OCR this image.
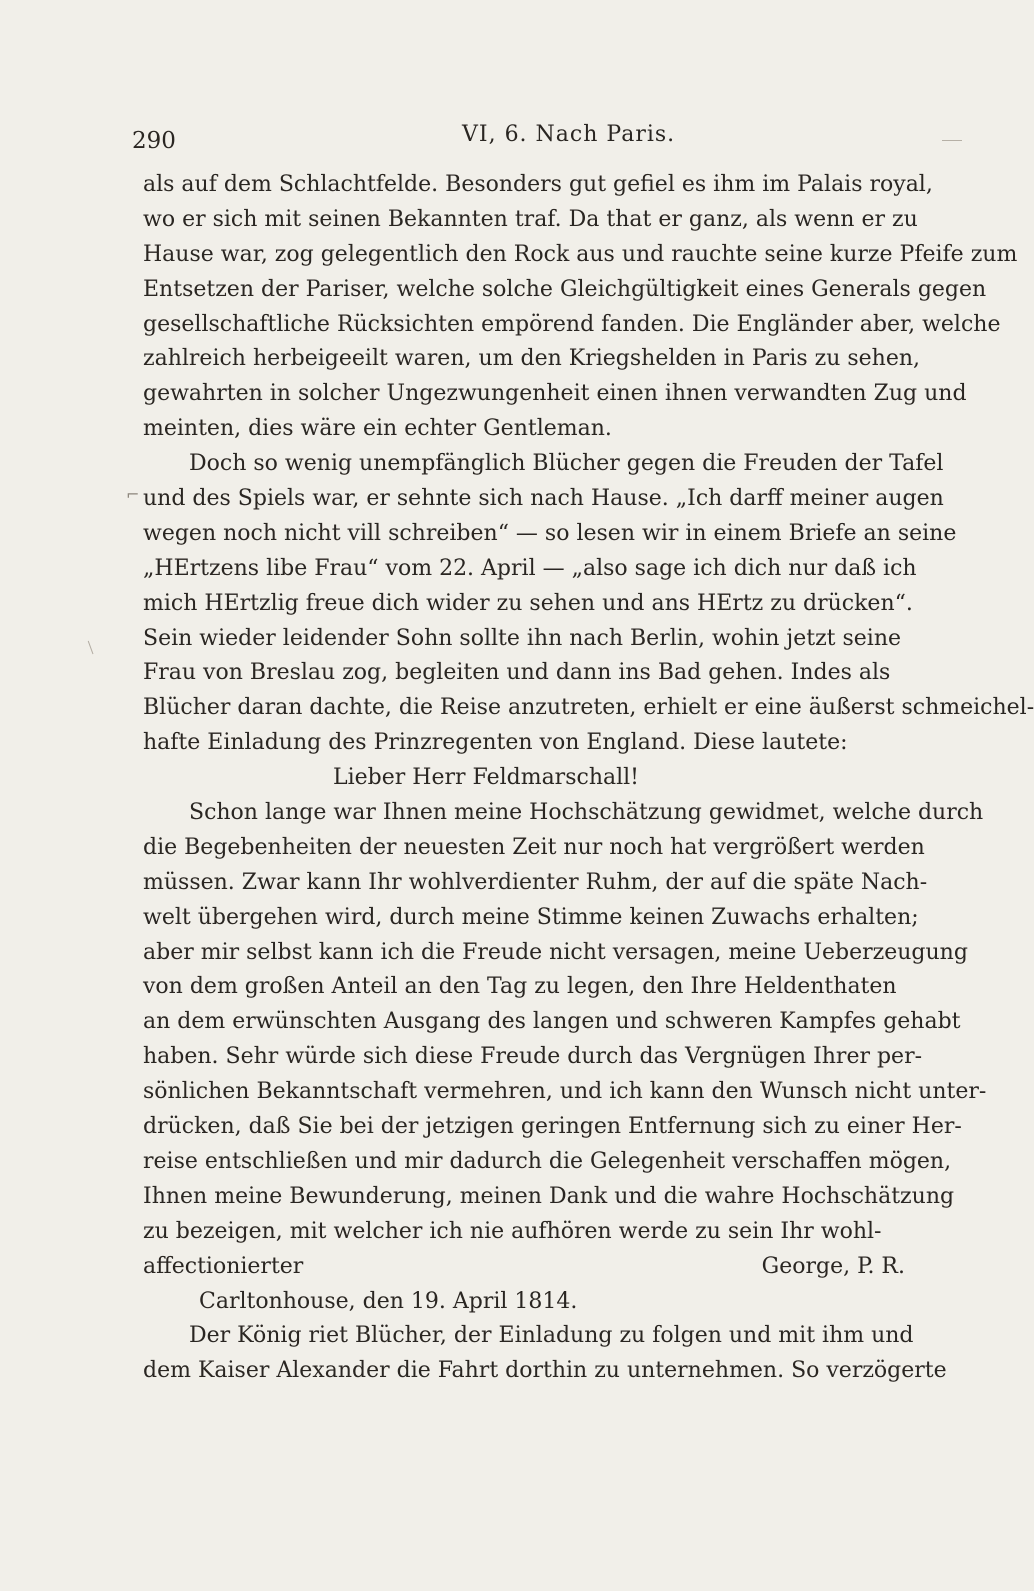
290	VI, 6. Nach Paris.
⌐
als auf dem Schlachtfelde. Besonders gut gefiel es ihm im Palais royal,
wo er sich mit seinen Bekannten traf. Da that er ganz, als wenn er zu
Hause war, zog gelegentlich den Rock aus und rauchte seine kurze Pfeife zum
Entsetzen der Pariser, welche solche Gleichgültigkeit eines Generals gegen
gesellschaftliche Rücksichten empörend fanden. Die Engländer aber, welche
zahlreich herbeigeeilt waren, um den Kriegshelden in Paris zu sehen,
gewahrten in solcher Ungezwungenheit einen ihnen verwandten Zug und
meinten, dies wäre ein echter Gentleman.
Doch so wenig unempfänglich Blücher gegen die Freuden der Tafel
und des Spiels war, er sehnte sich nach Hause. „Ich darff meiner augen
wegen noch nicht vill schreiben“ — so lesen wir in einem Briefe an seine
„HErtzens libe Frau“ vom 22. April — „also sage ich dich nur daß ich
mich HErtzlig freue dich wider zu sehen und ans HErtz zu drücken“.
Sein wieder leidender Sohn sollte ihn nach Berlin, wohin jetzt seine
Frau von Breslau zog, begleiten und dann ins Bad gehen. Indes als
Blücher daran dachte, die Reise anzutreten, erhielt er eine äußerst schmeichel-
hafte Einladung des Prinzregenten von England. Diese lautete:
Lieber Herr Feldmarschall!
Schon lange war Ihnen meine Hochschätzung gewidmet, welche durch
die Begebenheiten der neuesten Zeit nur noch hat vergrößert werden
müssen. Zwar kann Ihr wohlverdienter Ruhm, der auf die späte Nach-
welt übergehen wird, durch meine Stimme keinen Zuwachs erhalten;
aber mir selbst kann ich die Freude nicht versagen, meine Ueberzeugung
von dem großen Anteil an den Tag zu legen, den Ihre Heldenthaten
an dem erwünschten Ausgang des langen und schweren Kampfes gehabt
haben. Sehr würde sich diese Freude durch das Vergnügen Ihrer per-
sönlichen Bekanntschaft vermehren, und ich kann den Wunsch nicht unter-
drücken, daß Sie bei der jetzigen geringen Entfernung sich zu einer Her-
reise entschließen und mir dadurch die Gelegenheit verschaffen mögen,
Ihnen meine Bewunderung, meinen Dank und die wahre Hochschätzung
zu bezeigen, mit welcher ich nie aufhören werde zu sein Ihr wohl-
affectionierter	George, P. R.
Carltonhouse, den 19. April 1814.
Der König riet Blücher, der Einladung zu folgen und mit ihm und
dem Kaiser Alexander die Fahrt dorthin zu unternehmen. So verzögerte
